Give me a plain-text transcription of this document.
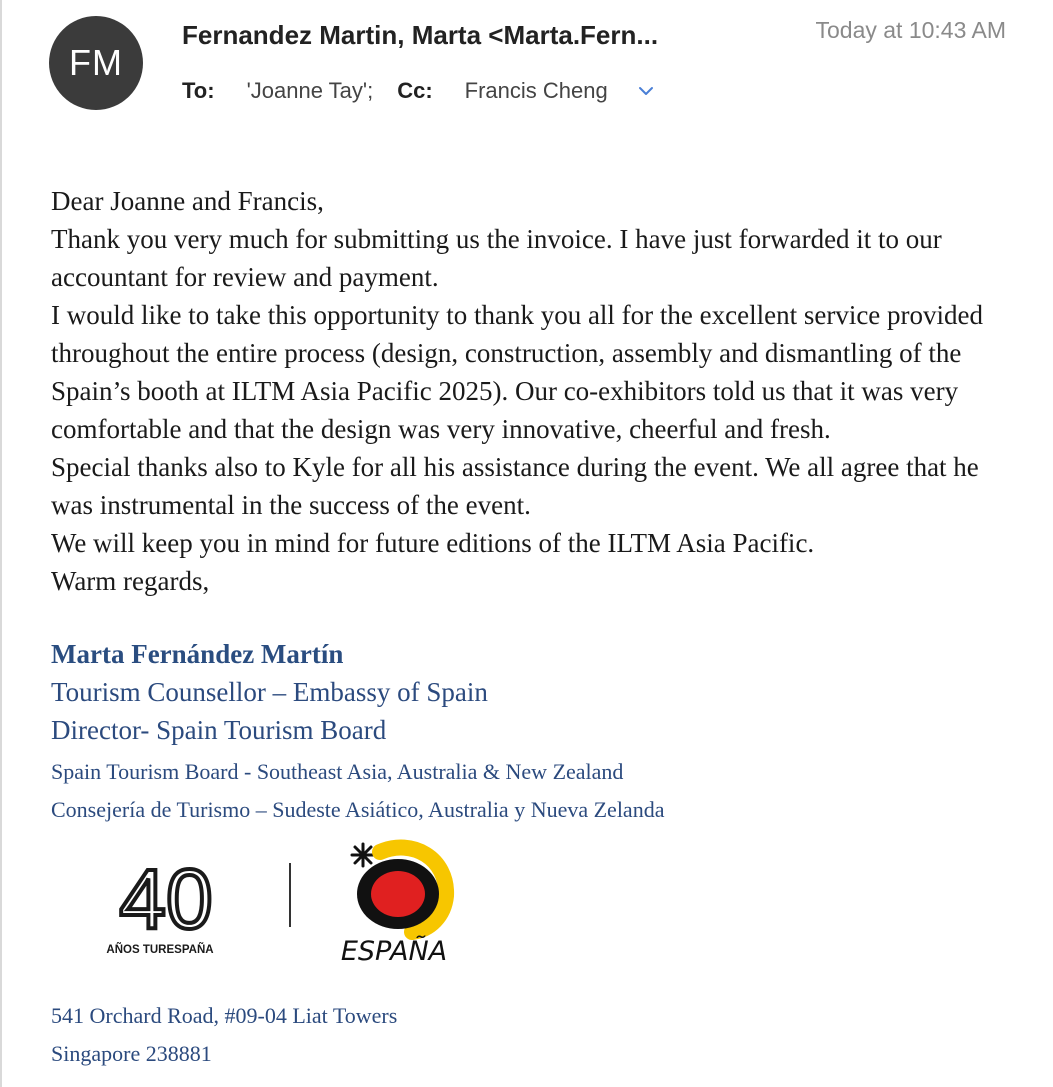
FM
Fernandez Martin, Marta <Marta.Fern...	Today at 10:43 AM
To: 'Joanne Tay'; Cc: Francis Cheng

Dear Joanne and Francis,

Thank you very much for submitting us the invoice. I have just forwarded it to our accountant for review and payment.

I would like to take this opportunity to thank you all for the excellent service provided throughout the entire process (design, construction, assembly and dismantling of the Spain’s booth at ILTM Asia Pacific 2025). Our co-exhibitors told us that it was very comfortable and that the design was very innovative, cheerful and fresh.

Special thanks also to Kyle for all his assistance during the event. We all agree that he was instrumental in the success of the event.

We will keep you in mind for future editions of the ILTM Asia Pacific.

Warm regards,

Marta Fernández Martín
Tourism Counsellor – Embassy of Spain
Director- Spain Tourism Board
Spain Tourism Board - Southeast Asia, Australia & New Zealand
Consejería de Turismo – Sudeste Asiático, Australia y Nueva Zelanda
40
AÑOS TURESPAÑA	ESPAÑA
541 Orchard Road, #09-04 Liat Towers
Singapore 238881
